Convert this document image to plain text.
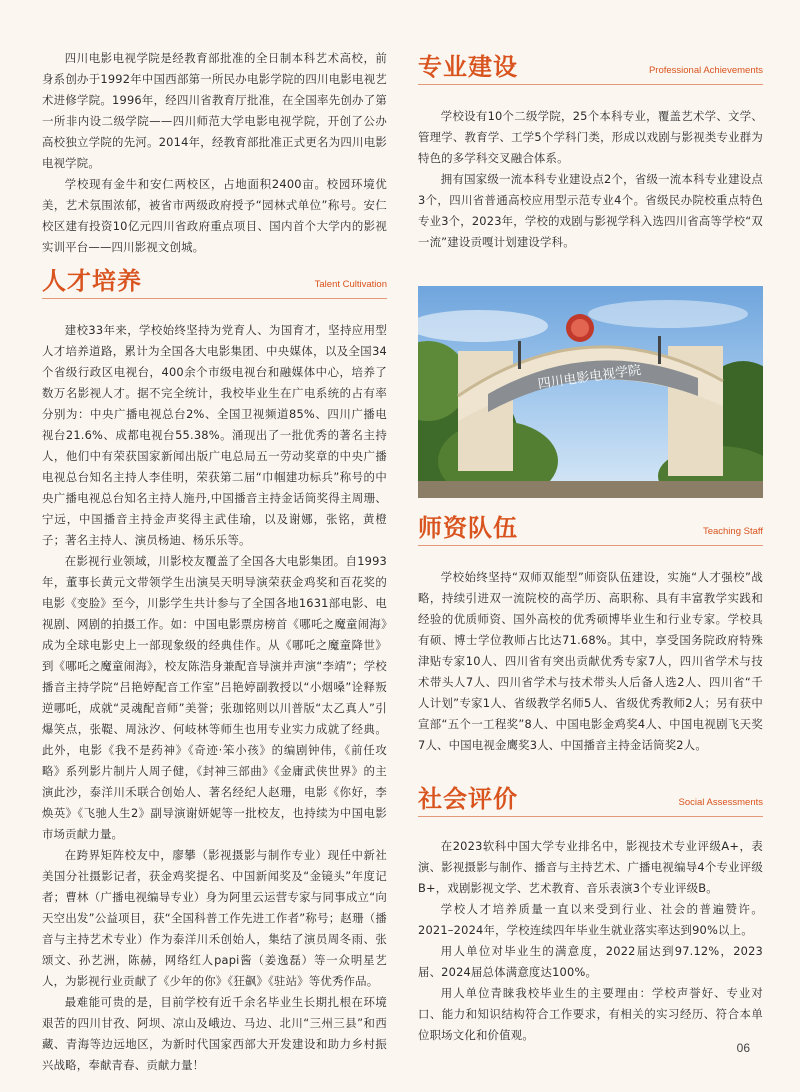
四川电影电视学院是经教育部批准的全日制本科艺术高校，前身系创办于1992年中国西部第一所民办电影学院的四川电影电视艺术进修学院。1996年，经四川省教育厅批准，在全国率先创办了第一所非内设二级学院——四川师范大学电影电视学院，开创了公办高校独立学院的先河。2014年，经教育部批准正式更名为四川电影电视学院。

学校现有金牛和安仁两校区，占地面积2400亩。校园环境优美，艺术氛围浓郁，被省市两级政府授予“园林式单位”称号。安仁校区建有投资10亿元四川省政府重点项目、国内首个大学内的影视实训平台——四川影视文创城。

人才培养	Talent Cultivation

建校33年来，学校始终坚持为党育人、为国育才，坚持应用型人才培养道路，累计为全国各大电影集团、中央媒体，以及全国34个省级行政区电视台，400余个市级电视台和融媒体中心，培养了数万名影视人才。据不完全统计，我校毕业生在广电系统的占有率分别为：中央广播电视总台2%、全国卫视频道85%、四川广播电视台21.6%、成都电视台55.38%。涌现出了一批优秀的著名主持人，他们中有荣获国家新闻出版广电总局五一劳动奖章的中央广播电视总台知名主持人李佳明，荣获第二届“巾帼建功标兵”称号的中央广播电视总台知名主持人施丹,中国播音主持金话筒奖得主周珊、宁远，中国播音主持金声奖得主武佳瑜，以及谢娜，张铭，黄橙子；著名主持人、演员杨迪、杨乐乐等。

在影视行业领域，川影校友覆盖了全国各大电影集团。自1993年，董事长黄元文带领学生出演吴天明导演荣获金鸡奖和百花奖的电影《变脸》至今，川影学生共计参与了全国各地1631部电影、电视剧、网剧的拍摄工作。如：中国电影票房榜首《哪吒之魔童闹海》成为全球电影史上一部现象级的经典佳作。从《哪吒之魔童降世》到《哪吒之魔童闹海》，校友陈浩身兼配音导演并声演“李靖”；学校播音主持学院“吕艳婷配音工作室”吕艳婷副教授以“小烟嗓”诠释叛逆哪吒，成就“灵魂配音师”美誉；张珈铭则以川普版“太乙真人”引爆笑点，张鞮、周泳汐、何岐林等师生也用专业实力成就了经典。此外，电影《我不是药神》《奇迹·笨小孩》的编剧钟伟，《前任攻略》系列影片制片人周子健，《封神三部曲》《金庸武侠世界》的主演此沙，泰洋川禾联合创始人、著名经纪人赵珊，电影《你好，李焕英》《飞驰人生2》副导演谢妍妮等一批校友，也持续为中国电影市场贡献力量。

在跨界矩阵校友中，廖攀（影视摄影与制作专业）现任中新社美国分社摄影记者，获金鸡奖提名、中国新闻奖及“金镜头”年度记者；曹林（广播电视编导专业）身为阿里云运营专家与同事成立“向天空出发”公益项目，获“全国科普工作先进工作者”称号；赵珊（播音与主持艺术专业）作为泰洋川禾创始人，集结了演员周冬雨、张颂文、孙艺洲，陈赫，网络红人papi酱（姜逸磊）等一众明星艺人，为影视行业贡献了《少年的你》《狂飙》《驻站》等优秀作品。

最难能可贵的是，目前学校有近千余名毕业生长期扎根在环境艰苦的四川甘孜、阿坝、凉山及峨边、马边、北川“三州三县”和西藏、青海等边远地区，为新时代国家西部大开发建设和助力乡村振兴战略，奉献青春、贡献力量！

专业建设	Professional Achievements

学校设有10个二级学院，25个本科专业，覆盖艺术学、文学、管理学、教育学、工学5个学科门类，形成以戏剧与影视类专业群为特色的多学科交叉融合体系。

拥有国家级一流本科专业建设点2个，省级一流本科专业建设点3个，四川省普通高校应用型示范专业4个。省级民办院校重点特色专业3个，2023年，学校的戏剧与影视学科入选四川省高等学校“双一流”建设贡嘎计划建设学科。

四川电影电视学院
师资队伍	Teaching Staff

学校始终坚持“双师双能型”师资队伍建设，实施“人才强校”战略，持续引进双一流院校的高学历、高职称、具有丰富教学实践和经验的优质师资、国外高校的优秀硕博毕业生和行业专家。学校具有硕、博士学位教师占比达71.68%。其中，享受国务院政府特殊津贴专家10人、四川省有突出贡献优秀专家7人，四川省学术与技术带头人7人、四川省学术与技术带头人后备人选2人、四川省“千人计划”专家1人、省级教学名师5人、省级优秀教师2人；另有获中宣部“五个一工程奖”8人、中国电影金鸡奖4人、中国电视剧飞天奖7人、中国电视金鹰奖3人、中国播音主持金话筒奖2人。

社会评价	Social Assessments

在2023软科中国大学专业排名中，影视技术专业评级A+，表演、影视摄影与制作、播音与主持艺术、广播电视编导4个专业评级B+，戏剧影视文学、艺术教育、音乐表演3个专业评级B。

学校人才培养质量一直以来受到行业、社会的普遍赞许。2021–2024年，学校连续四年毕业生就业落实率达到90%以上。

用人单位对毕业生的满意度，2022届达到97.12%，2023届、2024届总体满意度达100%。

用人单位青睐我校毕业生的主要理由：学校声誉好、专业对口、能力和知识结构符合工作要求，有相关的实习经历、符合本单位职场文化和价值观。

06
